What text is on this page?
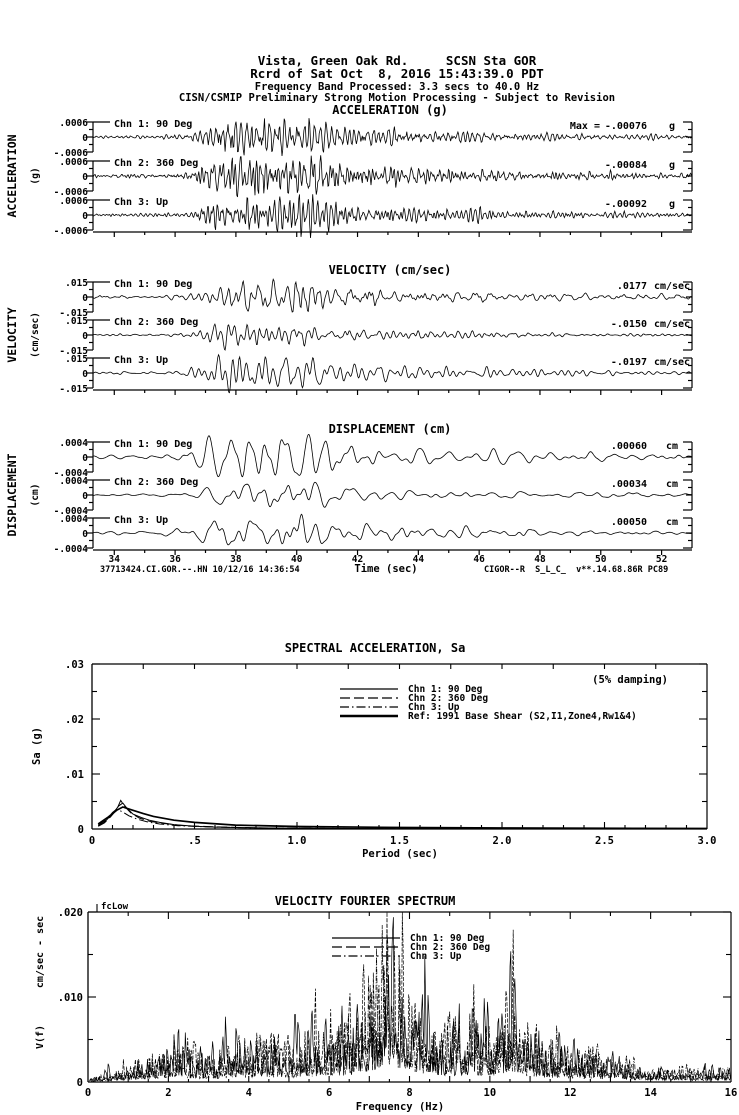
Vista, Green Oak Rd.     SCSN Sta GOR
Rcrd of Sat Oct  8, 2016 15:43:39.0 PDT
Frequency Band Processed: 3.3 secs to 40.0 Hz
CISN/CSMIP Preliminary Strong Motion Processing - Subject to Revision
ACCELERATION (g)
VELOCITY (cm/sec)
DISPLACEMENT (cm)
ACCELERATION (g)
VELOCITY (cm/sec)
DISPLACEMENT (cm)
Time (sec)
37713424.CI.GOR.--.HN 10/12/16 14:36:54	CIGOR--R  S_L_C_  v**.14.68.86R PC89
.0006
0
-.0006
Chn 1: 90 Deg	Max = -.00076 g
.0006
0
-.0006
Chn 2: 360 Deg	-.00084 g
.0006
0
-.0006
Chn 3: Up	-.00092 g
.015
0
-.015
Chn 1: 90 Deg	.0177 cm/sec
.015
0
-.015
Chn 2: 360 Deg	-.0150 cm/sec
.015
0
-.015
Chn 3: Up	-.0197 cm/sec
.0004
0
-.0004
Chn 1: 90 Deg	.00060 cm
.0004
0
-.0004
Chn 2: 360 Deg	.00034 cm
.0004
0
-.0004
Chn 3: Up	.00050 cm
34	36	38	40	42	44	46	48	50	52
SPECTRAL ACCELERATION, Sa
(5% damping)
Sa (g)
Period (sec)
.03
.02
.01
0
0	.5	1.0	1.5	2.0	2.5	3.0
Chn 1: 90 Deg
Chn 2: 360 Deg
Chn 3: Up
Ref: 1991 Base Shear (S2,I1,Zone4,Rw1&4)
VELOCITY FOURIER SPECTRUM
fcLow
cm/sec - sec
V(f)
Frequency (Hz)
.020
.010
0
0	2	4	6	8	10	12	14	16
Chn 1: 90 Deg
Chn 2: 360 Deg
Chn 3: Up
